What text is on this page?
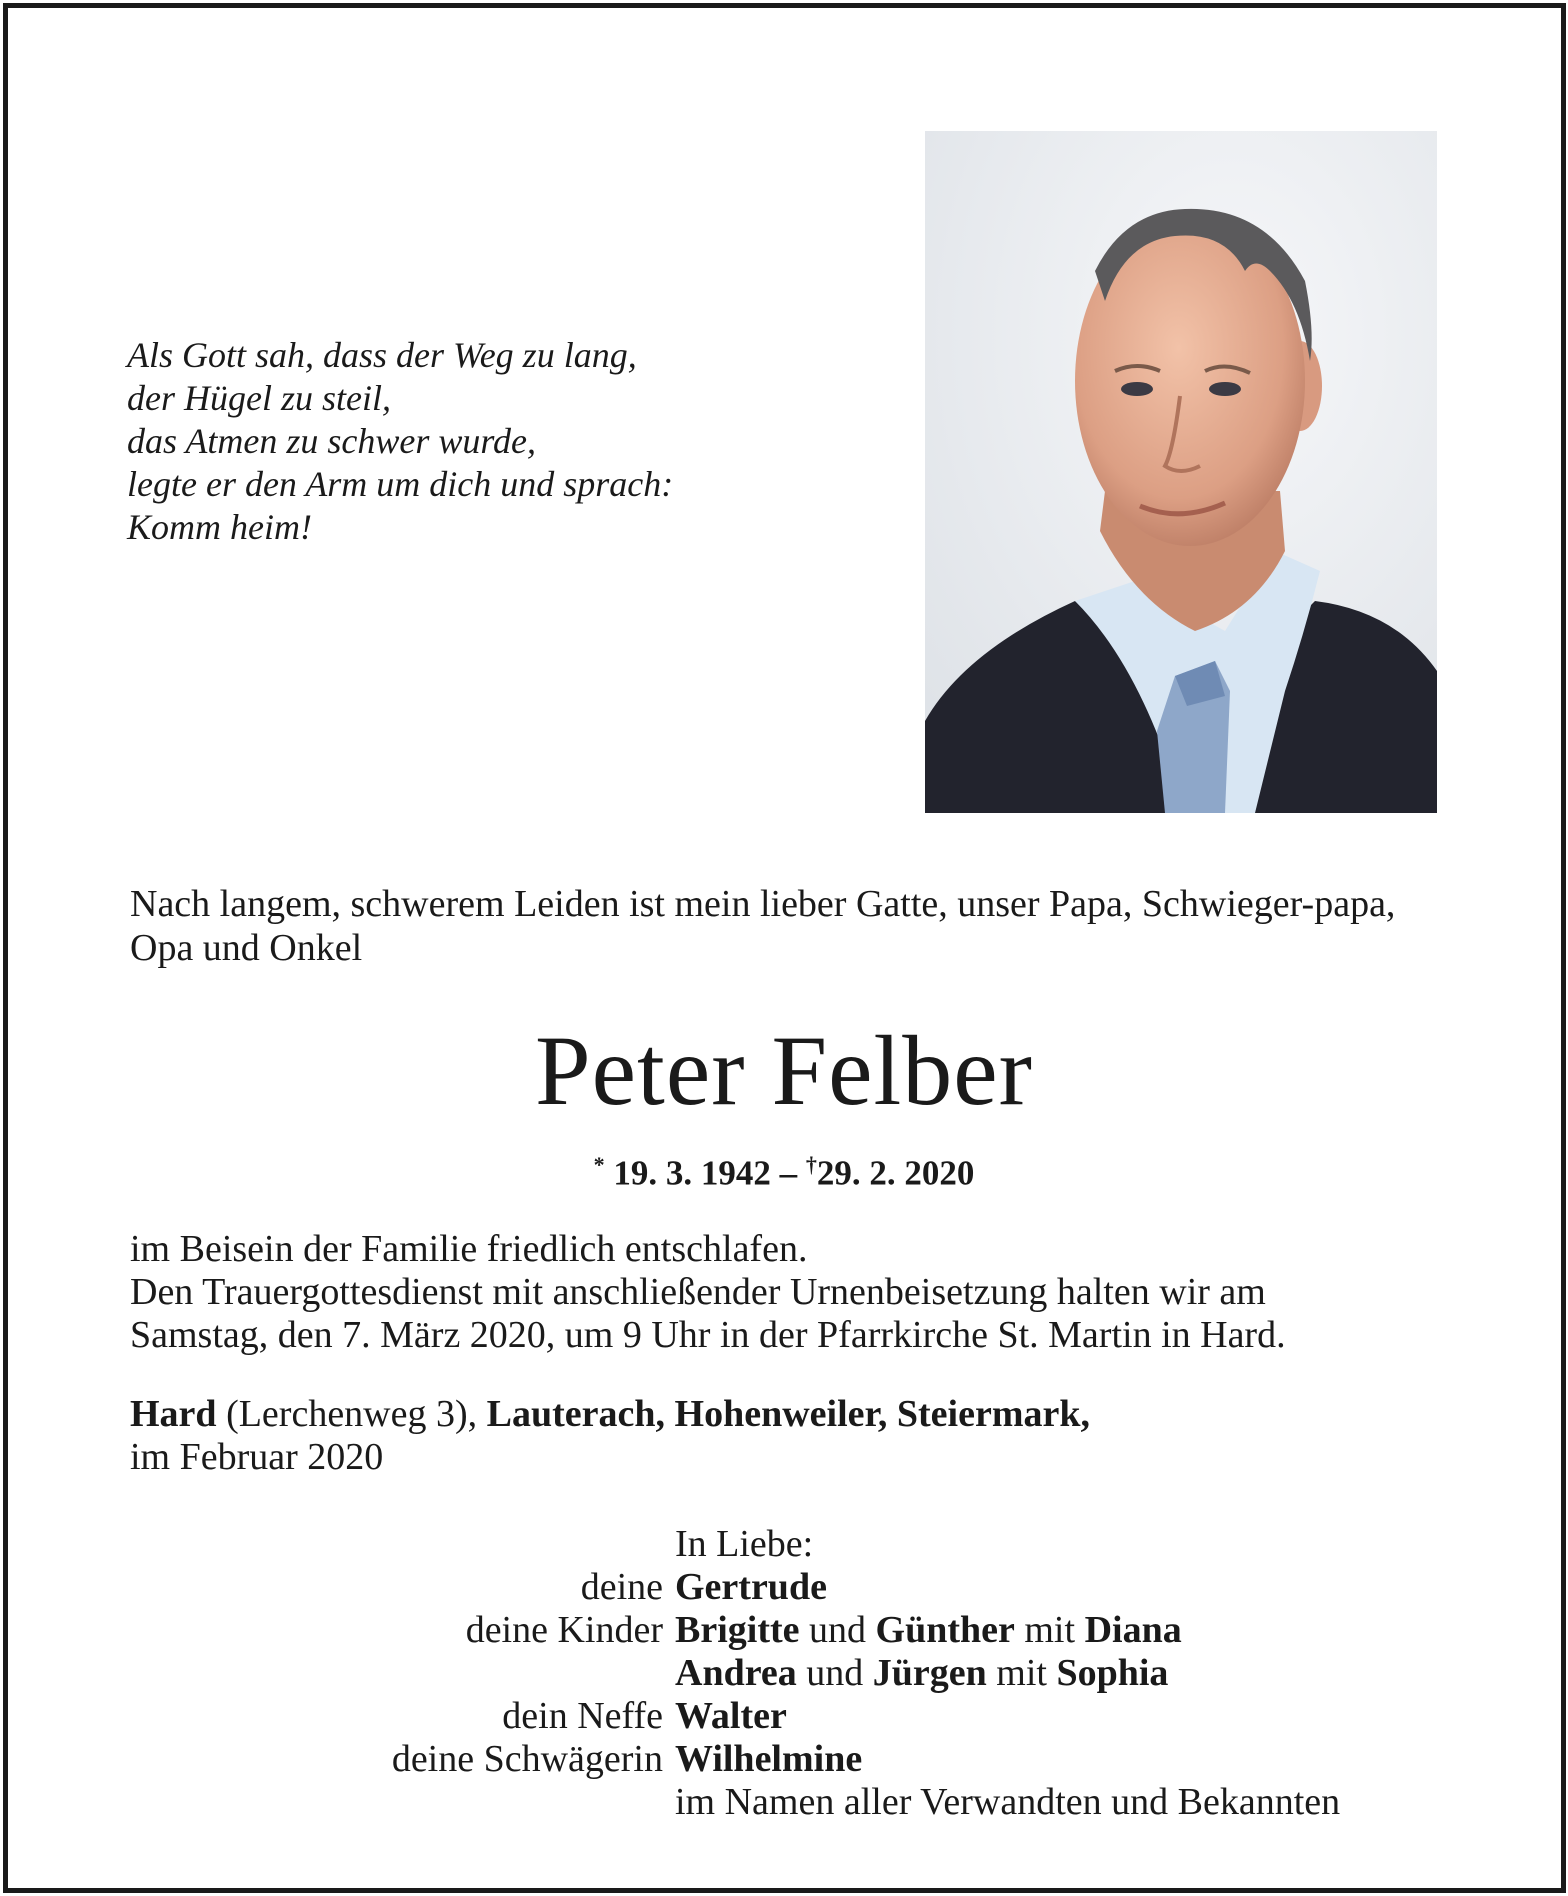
Als Gott sah, dass der Weg zu lang,
der Hügel zu steil,
das Atmen zu schwer wurde,
legte er den Arm um dich und sprach:
Komm heim!
Nach langem, schwerem Leiden ist mein lieber Gatte, unser Papa, Schwieger-papa, Opa und Onkel
Peter Felber
* 19. 3. 1942 – †29. 2. 2020
im Beisein der Familie friedlich entschlafen.
Den Trauergottesdienst mit anschließender Urnenbeisetzung halten wir am
Samstag, den 7. März 2020, um 9 Uhr in der Pfarrkirche St. Martin in Hard.
Hard (Lerchenweg 3), Lauterach, Hohenweiler, Steiermark,
im Februar 2020
In Liebe:
deine Gertrude
deine Kinder Brigitte und Günther mit Diana
Andrea und Jürgen mit Sophia
dein Neffe Walter
deine Schwägerin Wilhelmine
im Namen aller Verwandten und Bekannten
